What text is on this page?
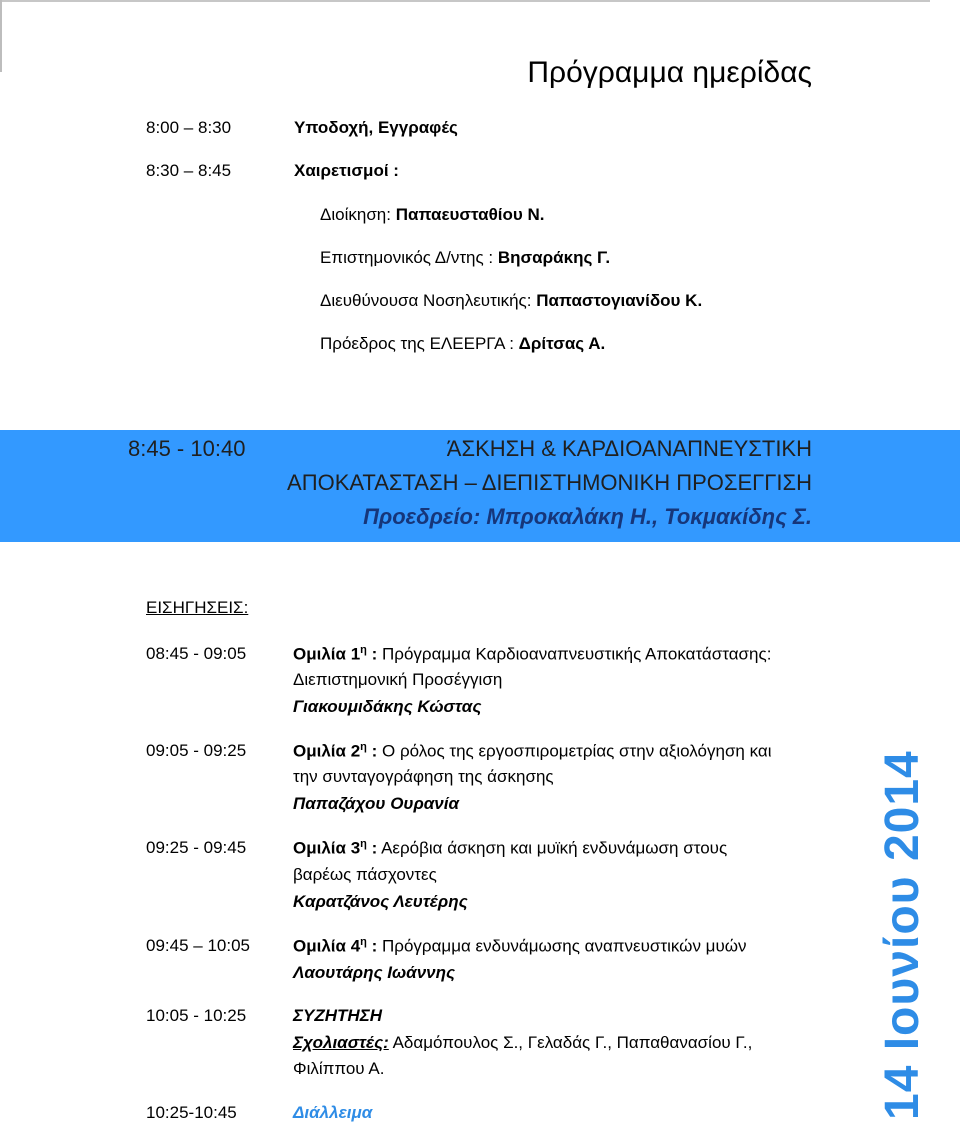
Πρόγραμμα ημερίδας
8:00 – 8:30	Υποδοχή, Εγγραφές
8:30 – 8:45	Χαιρετισμοί :
Διοίκηση: Παπαευσταθίου Ν.
Επιστημονικός Δ/ντης : Βησαράκης Γ.
Διευθύνουσα Νοσηλευτικής: Παπαστογιανίδου Κ.
Πρόεδρος της ΕΛΕΕΡΓΑ : Δρίτσας Α.
8:45 - 10:40	ΆΣΚΗΣΗ & ΚΑΡΔΙΟΑΝΑΠΝΕΥΣΤΙΚΗ
ΑΠΟΚΑΤΑΣΤΑΣΗ – ΔΙΕΠΙΣΤΗΜΟΝΙΚΗ ΠΡΟΣΕΓΓΙΣΗ
Προεδρείο: Μπροκαλάκη Η., Τοκμακίδης Σ.
ΕΙΣΗΓΗΣΕΙΣ:
08:45 - 09:05	Ομιλία $1^\eta$ : Πρόγραμμα Καρδιοαναπνευστικής Αποκατάστασης:
Διεπιστημονική Προσέγγιση
Γιακουμιδάκης Κώστας
09:05 - 09:25	Ομιλία $2^\eta$ : Ο ρόλος της εργοσπιρομετρίας στην αξιολόγηση και
την συνταγογράφηση της άσκησης
Παπαζάχου Ουρανία
09:25 - 09:45	Ομιλία $3^\eta$ : Αερόβια άσκηση και μυϊκή ενδυνάμωση στους
βαρέως πάσχοντες
Καρατζάνος Λευτέρης
09:45 – 10:05	Ομιλία $4^\eta$ : Πρόγραμμα ενδυνάμωσης αναπνευστικών μυών
Λαουτάρης Ιωάννης
10:05 - 10:25	ΣΥΖΗΤΗΣΗ
Σχολιαστές: Αδαμόπουλος Σ., Γελαδάς Γ., Παπαθανασίου Γ.,
Φιλίππου Α.
10:25-10:45	Διάλλειμα	14 Ιουνίου 2014
